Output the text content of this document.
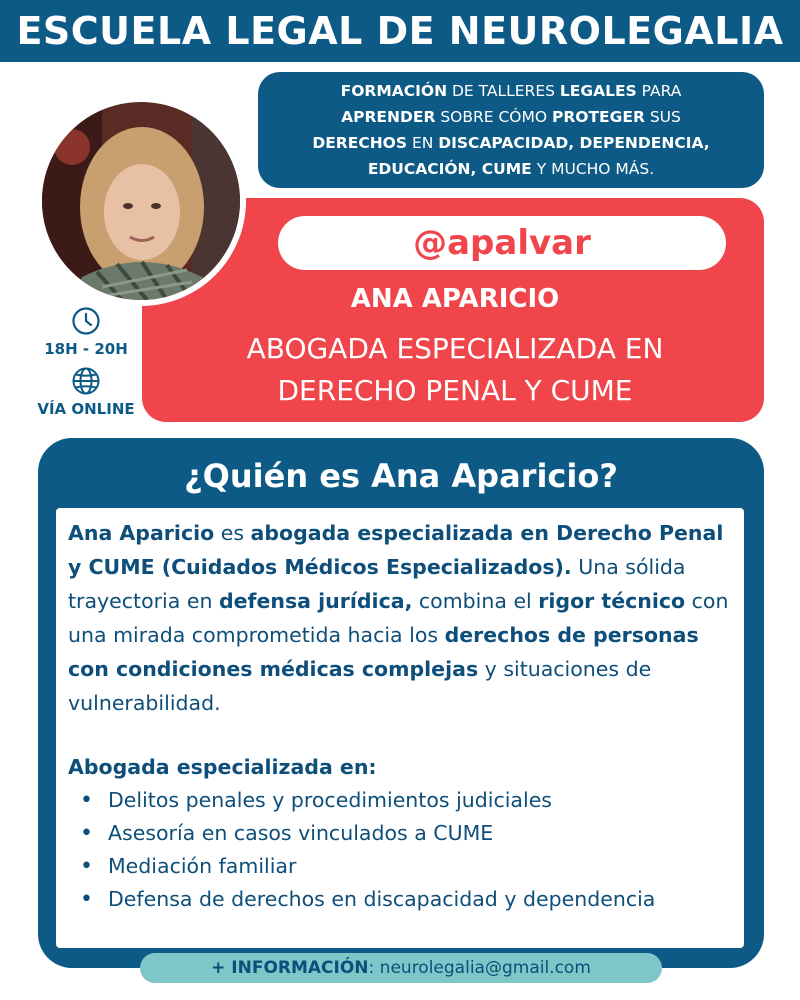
ESCUELA LEGAL DE NEUROLEGALIA
FORMACIÓN DE TALLERES LEGALES PARA
APRENDER SOBRE CÓMO PROTEGER SUS
DERECHOS EN DISCAPACIDAD, DEPENDENCIA,
EDUCACIÓN, CUME Y MUCHO MÁS.
@apalvar
ANA APARICIO
ABOGADA ESPECIALIZADA EN
DERECHO PENAL Y CUME
18H - 20H
VÍA ONLINE
¿Quién es Ana Aparicio?
Ana Aparicio es abogada especializada en Derecho Penal y CUME (Cuidados Médicos Especializados). Una sólida trayectoria en defensa jurídica, combina el rigor técnico con una mirada comprometida hacia los derechos de personas con condiciones médicas complejas y situaciones de vulnerabilidad.
Abogada especializada en:
• Delitos penales y procedimientos judiciales
• Asesoría en casos vinculados a CUME
• Mediación familiar
• Defensa de derechos en discapacidad y dependencia
+ INFORMACIÓN: neurolegalia@gmail.com
